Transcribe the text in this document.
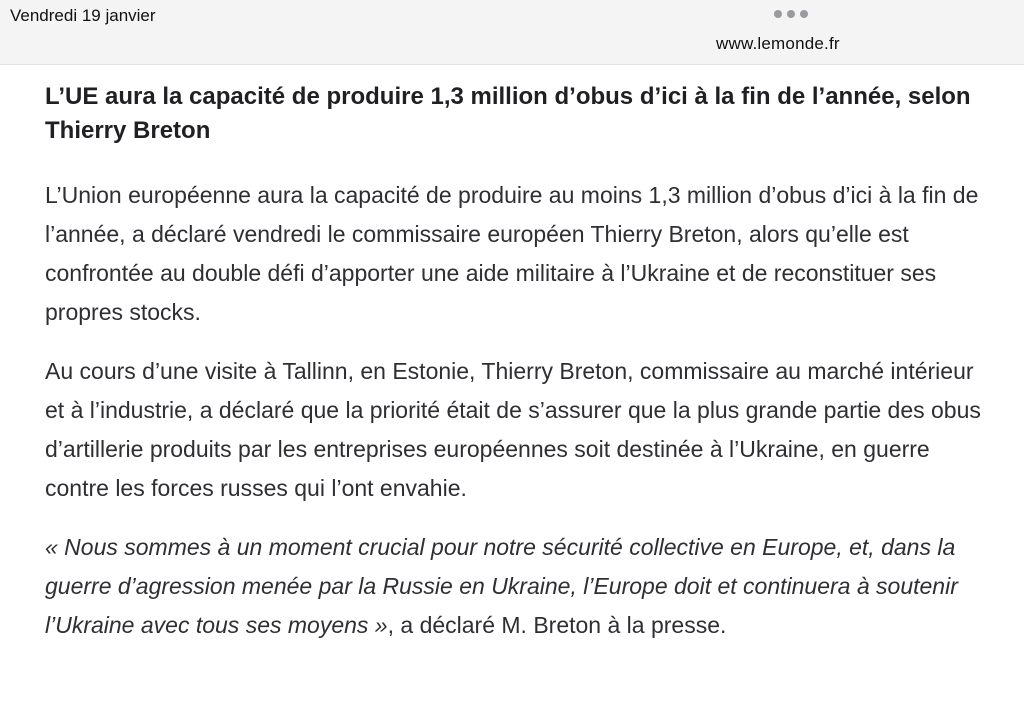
Vendredi 19 janvier
www.lemonde.fr
L’UE aura la capacité de produire 1,3 million d’obus d’ici à la fin de l’année, selon Thierry Breton

L’Union européenne aura la capacité de produire au moins 1,3 million d’obus d’ici à la fin de l’année, a déclaré vendredi le commissaire européen Thierry Breton, alors qu’elle est confrontée au double défi d’apporter une aide militaire à l’Ukraine et de reconstituer ses propres stocks.

Au cours d’une visite à Tallinn, en Estonie, Thierry Breton, commissaire au marché intérieur et à l’industrie, a déclaré que la priorité était de s’assurer que la plus grande partie des obus d’artillerie produits par les entreprises européennes soit destinée à l’Ukraine, en guerre contre les forces russes qui l’ont envahie.

« Nous sommes à un moment crucial pour notre sécurité collective en Europe, et, dans la guerre d’agression menée par la Russie en Ukraine, l’Europe doit et continuera à soutenir l’Ukraine avec tous ses moyens », a déclaré M. Breton à la presse.
